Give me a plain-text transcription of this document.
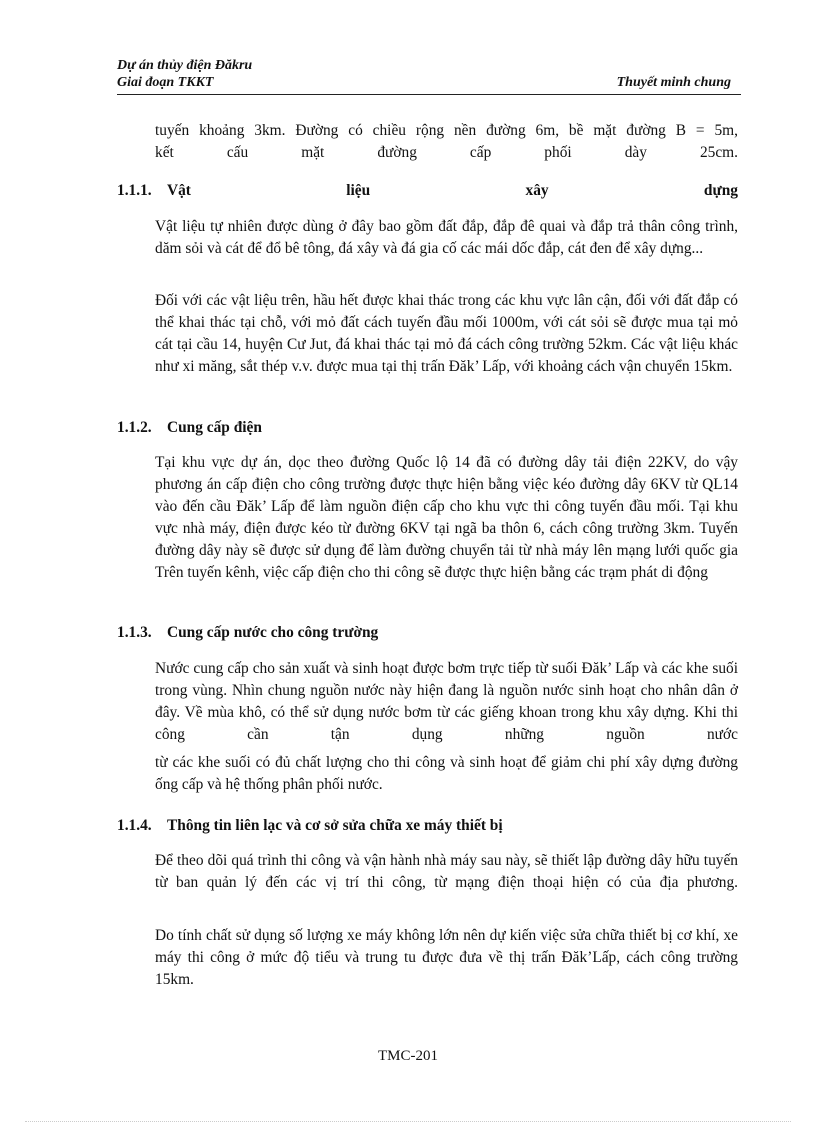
Dự án thủy điện Đăkru
Giai đoạn TKKT	Thuyết minh chung

tuyến khoảng 3km. Đường có chiều rộng nền đường 6m, bề mặt đường B = 5m,

kết cấu mặt đường cấp phối dày 25cm.

1.1.1. Vật	liệu	xây	dựng

Vật liệu tự nhiên được dùng ở đây bao gồm đất đắp, đắp đê quai và đắp trả thân công trình, dăm sỏi và cát để đổ bê tông, đá xây và đá gia cố các mái dốc đắp, cát đen để xây dựng...

Đối với các vật liệu trên, hầu hết được khai thác trong các khu vực lân cận, đối với đất đắp có thể khai thác tại chỗ, với mỏ đất cách tuyến đầu mối 1000m, với cát sỏi sẽ được mua tại mỏ cát tại cầu 14, huyện Cư Jut, đá khai thác tại mỏ đá cách công trường 52km. Các vật liệu khác như xi măng, sắt thép v.v. được mua tại thị trấn Đăk’ Lấp, với khoảng cách vận chuyển 15km.

1.1.2. Cung cấp điện

Tại khu vực dự án, dọc theo đường Quốc lộ 14 đã có đường dây tải điện 22KV, do vậy phương án cấp điện cho công trường được thực hiện bằng việc kéo đường dây 6KV từ QL14 vào đến cầu Đăk’ Lấp để làm nguồn điện cấp cho khu vực thi công tuyến đầu mối. Tại khu vực nhà máy, điện được kéo từ đường 6KV tại ngã ba thôn 6, cách công trường 3km. Tuyến đường dây này sẽ được sử dụng để làm đường chuyển tải từ nhà máy lên mạng lưới quốc gia Trên tuyến kênh, việc cấp điện cho thi công sẽ được thực hiện bằng các trạm phát di động

1.1.3. Cung cấp nước cho công trường

Nước cung cấp cho sản xuất và sinh hoạt được bơm trực tiếp từ suối Đăk’ Lấp và các khe suối trong vùng. Nhìn chung nguồn nước này hiện đang là nguồn nước sinh hoạt cho nhân dân ở đây. Về mùa khô, có thể sử dụng nước bơm từ các giếng khoan trong khu xây dựng. Khi thi công cần tận dụng những nguồn nước

từ các khe suối có đủ chất lượng cho thi công và sinh hoạt để giảm chi phí xây dựng đường ống cấp và hệ thống phân phối nước.

1.1.4. Thông tin liên lạc và cơ sở sửa chữa xe máy thiết bị

Để theo dõi quá trình thi công và vận hành nhà máy sau này, sẽ thiết lập đường dây hữu tuyến từ ban quản lý đến các vị trí thi công, từ mạng điện thoại hiện có của địa phương.

Do tính chất sử dụng số lượng xe máy không lớn nên dự kiến việc sửa chữa thiết bị cơ khí, xe máy thi công ở mức độ tiểu và trung tu được đưa về thị trấn Đăk’Lấp, cách công trường 15km.

TMC-201
